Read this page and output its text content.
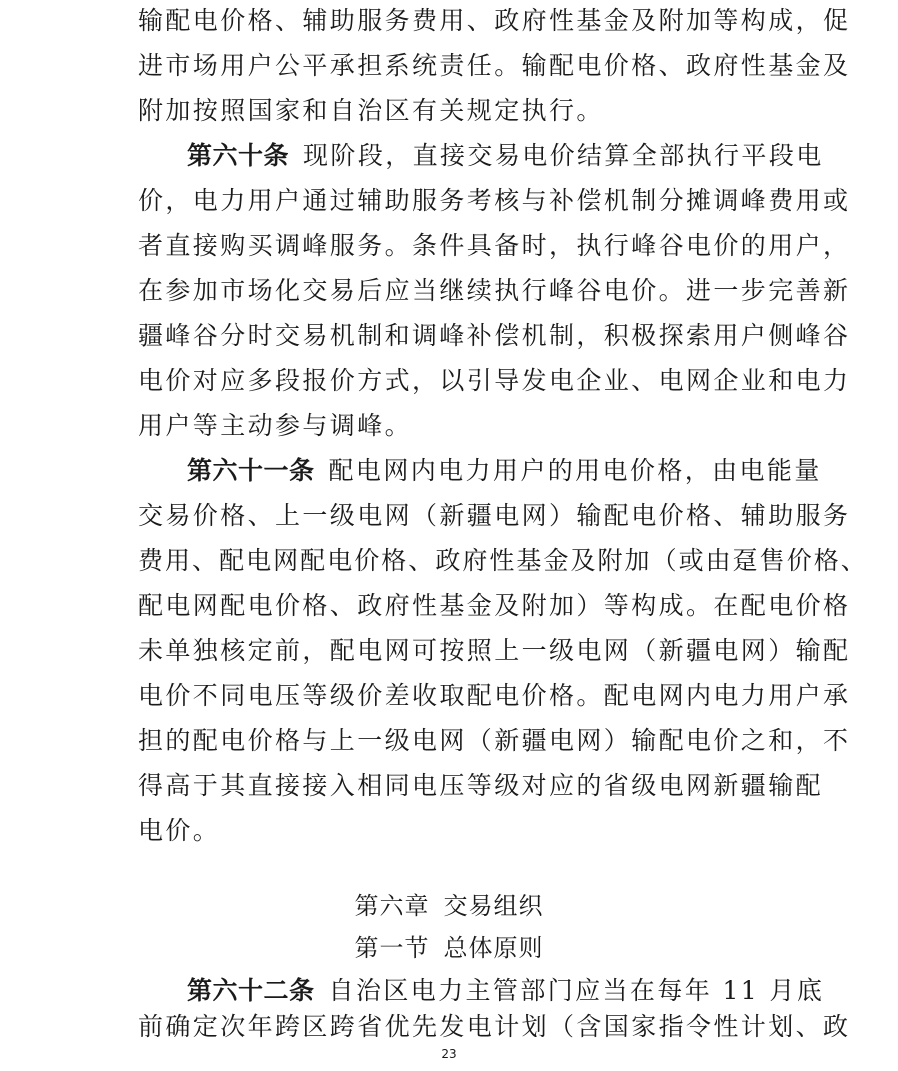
输配电价格、辅助服务费用、政府性基金及附加等构成，促
进市场用户公平承担系统责任。输配电价格、政府性基金及
附加按照国家和自治区有关规定执行。
第六十条 现阶段，直接交易电价结算全部执行平段电
价，电力用户通过辅助服务考核与补偿机制分摊调峰费用或
者直接购买调峰服务。条件具备时，执行峰谷电价的用户，
在参加市场化交易后应当继续执行峰谷电价。进一步完善新
疆峰谷分时交易机制和调峰补偿机制，积极探索用户侧峰谷
电价对应多段报价方式，以引导发电企业、电网企业和电力
用户等主动参与调峰。
第六十一条 配电网内电力用户的用电价格，由电能量
交易价格、上一级电网（新疆电网）输配电价格、辅助服务
费用、配电网配电价格、政府性基金及附加（或由趸售价格、
配电网配电价格、政府性基金及附加）等构成。在配电价格
未单独核定前，配电网可按照上一级电网（新疆电网）输配
电价不同电压等级价差收取配电价格。配电网内电力用户承
担的配电价格与上一级电网（新疆电网）输配电价之和，不
得高于其直接接入相同电压等级对应的省级电网新疆输配
电价。
第六章 交易组织
第一节 总体原则
第六十二条 自治区电力主管部门应当在每年 11 月底
前确定次年跨区跨省优先发电计划（含国家指令性计划、政
23
